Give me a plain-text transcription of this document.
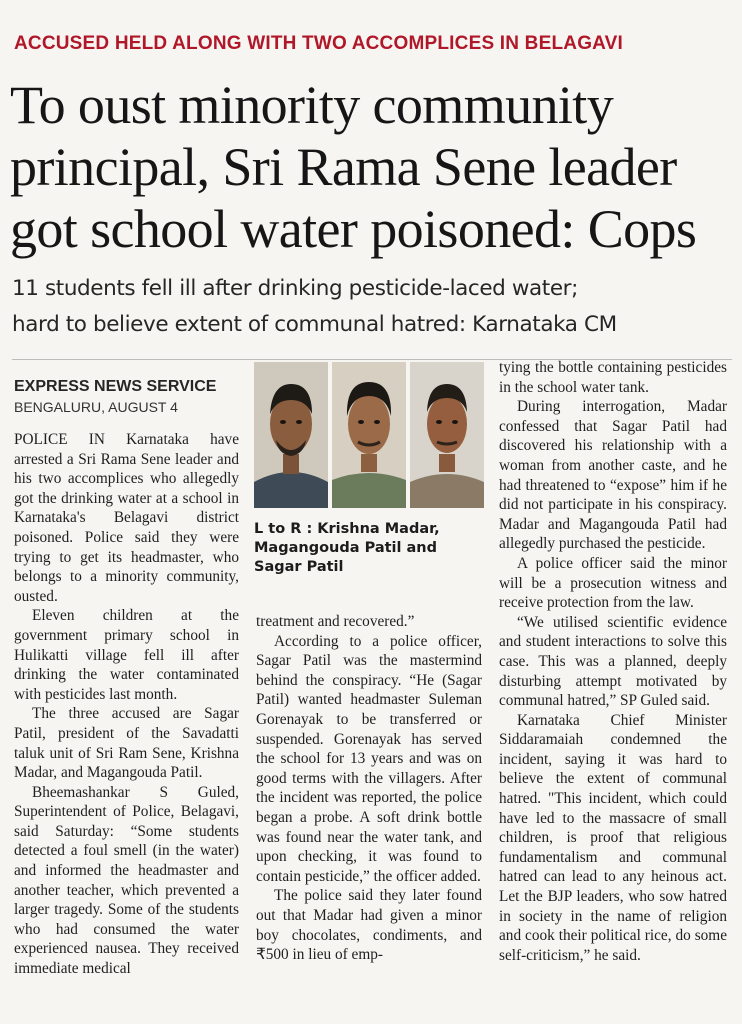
ACCUSED HELD ALONG WITH TWO ACCOMPLICES IN BELAGAVI
To oust minority community
principal, Sri Rama Sene leader
got school water poisoned: Cops
11 students fell ill after drinking pesticide-laced water;
hard to believe extent of communal hatred: Karnataka CM
EXPRESS NEWS SERVICE
BENGALURU, AUGUST 4

POLICE IN Karnataka have arrested a Sri Rama Sene leader and his two accomplices who allegedly got the drinking water at a school in Karnataka's Belagavi district poisoned. Police said they were trying to get its headmaster, who belongs to a minority community, ousted.

Eleven children at the government primary school in Hulikatti village fell ill after drinking the water contaminated with pesticides last month.

The three accused are Sagar Patil, president of the Savadatti taluk unit of Sri Ram Sene, Krishna Madar, and Magangouda Patil.

Bheemashankar S Guled, Superintendent of Police, Belagavi, said Saturday: “Some students detected a foul smell (in the water) and informed the headmaster and another teacher, which prevented a larger tragedy. Some of the students who had consumed the water experienced nausea. They received immediate medical

L to R : Krishna Madar,
Magangouda Patil and
Sagar Patil

treatment and recovered.”

According to a police officer, Sagar Patil was the mastermind behind the conspiracy. “He (Sagar Patil) wanted headmaster Suleman Gorenayak to be transferred or suspended. Gorenayak has served the school for 13 years and was on good terms with the villagers. After the incident was reported, the police began a probe. A soft drink bottle was found near the water tank, and upon checking, it was found to contain pesticide,” the officer added.

The police said they later found out that Madar had given a minor boy chocolates, condiments, and ₹500 in lieu of emp-

tying the bottle containing pesticides in the school water tank.

During interrogation, Madar confessed that Sagar Patil had discovered his relationship with a woman from another caste, and he had threatened to “expose” him if he did not participate in his conspiracy. Madar and Magangouda Patil had allegedly purchased the pesticide.

A police officer said the minor will be a prosecution witness and receive protection from the law.

“We utilised scientific evidence and student interactions to solve this case. This was a planned, deeply disturbing attempt motivated by communal hatred,” SP Guled said.

Karnataka Chief Minister Siddaramaiah condemned the incident, saying it was hard to believe the extent of communal hatred. "This incident, which could have led to the massacre of small children, is proof that religious fundamentalism and communal hatred can lead to any heinous act. Let the BJP leaders, who sow hatred in society in the name of religion and cook their political rice, do some self-criticism,” he said.
